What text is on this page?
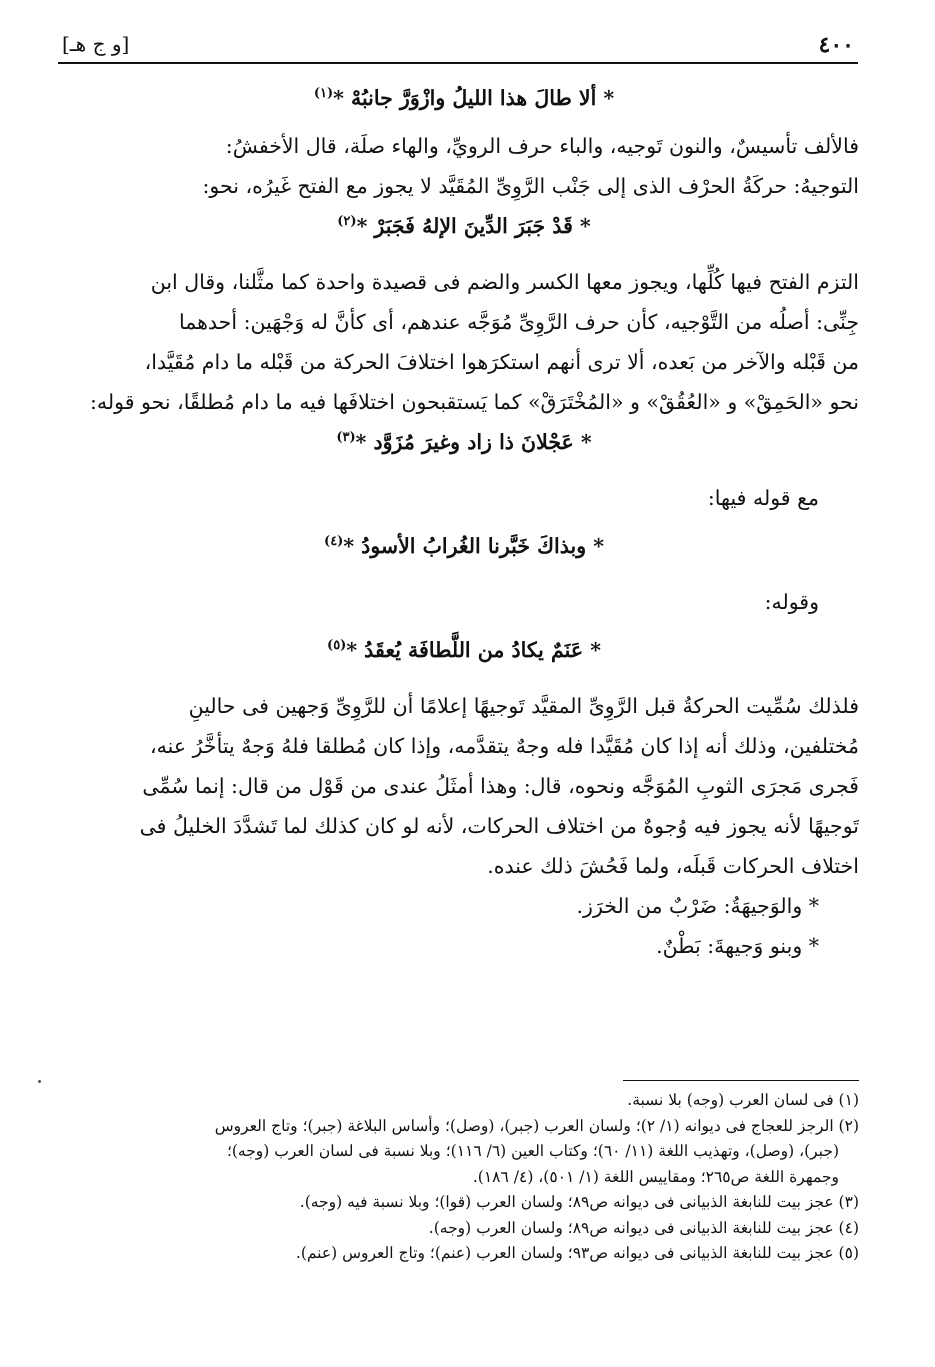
٤٠٠
[و ج هـ]

* ألا طالَ هذا الليلُ وازْوَرَّ جانبُهْ *$^{(١)}$

فالألف تأسيسٌ، والنون تَوجيه، والباء حرف الرويِّ، والهاء صلَة، قال الأخفشُ:
التوجيهُ: حركَةُ الحرْف الذى إلى جَنْب الرَّوِىِّ المُقَيَّد لا يجوز مع الفتح غَيرُه، نحو:

* قَدْ جَبَرَ الدِّينَ الإلهُ فَجَبَرْ *$^{(٢)}$

التزم الفتح فيها كُلِّها، ويجوز معها الكسر والضم فى قصيدة واحدة كما مثَّلنا، وقال ابن
جِنِّى: أصلُه من التَّوْجيه، كأن حرف الرَّوِىِّ مُوَجَّه عندهم، أى كأنَّ له وَجْهَين: أحدهما
من قَبْله والآخر من بَعده، ألا ترى أنهم استكرَهوا اختلافَ الحركة من قَبْله ما دام مُقَيَّدا،
نحو «الحَمِقْ» و «العُقُقْ» و «المُخْتَرَقْ» كما يَستقبحون اختلافَها فيه ما دام مُطلقًا، نحو قوله:

* عَجْلانَ ذا زاد وغيرَ مُزَوَّد *$^{(٣)}$

مع قوله فيها:

* وبذاكَ خَبَّرنا الغُرابُ الأسودُ *$^{(٤)}$

وقوله:

* عَنَمٌ يكادُ من اللَّطافَة يُعقَدُ *$^{(٥)}$

فلذلك سُمِّيت الحركةُ قبل الرَّوِىِّ المقيَّد تَوجيهًا إعلامًا أن للرَّوِىِّ وَجهين فى حالينِ
مُختلفين، وذلك أنه إذا كان مُقَيَّدا فله وجهٌ يتقدَّمه، وإذا كان مُطلقا فلهُ وَجهٌ يتأخَّرُ عنه،
فَجرى مَجرَى الثوبِ المُوَجَّه ونحوه، قال: وهذا أمثَلُ عندى من قَوْل من قال: إنما سُمِّى
تَوجيهًا لأنه يجوز فيه وُجوهٌ من اختلاف الحركات، لأنه لو كان كذلك لما تَشدَّدَ الخليلُ فى
اختلاف الحركات قَبلَه، ولما فَحُشَ ذلك عنده.

* والوَجيهَةُ: ضَرْبٌ من الخرَز.

* وبنو وَجيهةَ: بَطْنٌ.

(١) فى لسان العرب (وجه) بلا نسبة.

(٢) الرجز للعجاج فى ديوانه (١/ ٢)؛ ولسان العرب (جبر)، (وصل)؛ وأساس البلاغة (جبر)؛ وتاج العروس
(جبر)، (وصل)، وتهذيب اللغة (١١/ ٦٠)؛ وكتاب العين (٦/ ١١٦)؛ وبلا نسبة فى لسان العرب (وجه)؛
وجمهرة اللغة ص٢٦٥؛ ومقاييس اللغة (١/ ٥٠١)، (٤/ ١٨٦).

(٣) عجز بيت للنابغة الذبيانى فى ديوانه ص٨٩؛ ولسان العرب (قوا)؛ وبلا نسبة فيه (وجه).

(٤) عجز بيت للنابغة الذبيانى فى ديوانه ص٨٩؛ ولسان العرب (وجه).

(٥) عجز بيت للنابغة الذبيانى فى ديوانه ص٩٣؛ ولسان العرب (عنم)؛ وتاج العروس (عنم).
